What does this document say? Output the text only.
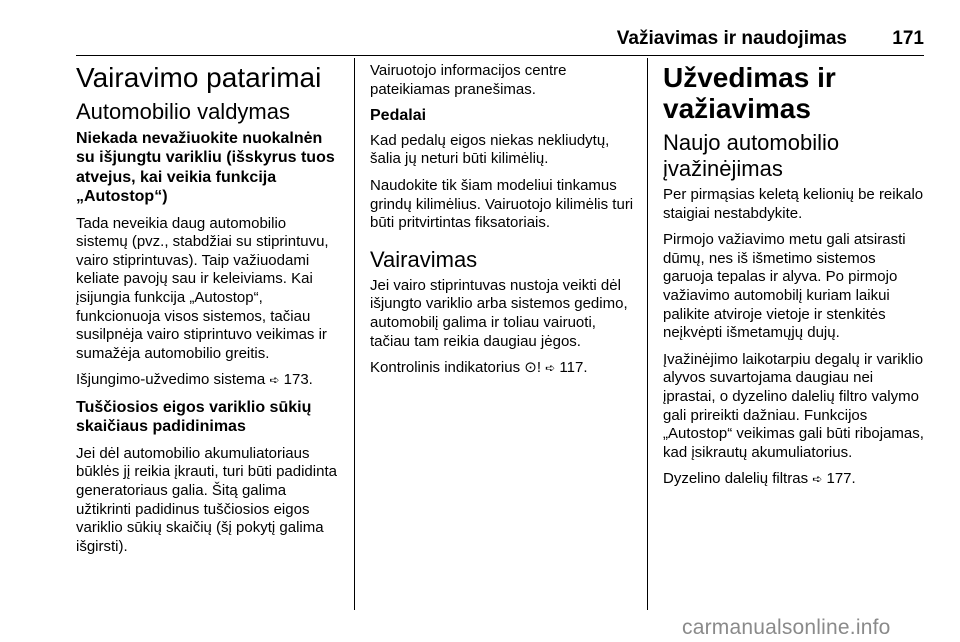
Važiavimas ir naudojimas 171
Vairavimo patarimai
Automobilio valdymas
Niekada nevažiuokite nuokalnėn su išjungtu varikliu (išskyrus tuos atvejus, kai veikia funkcija „Autostop“)

Tada neveikia daug automobilio sistemų (pvz., stabdžiai su stiprintuvu, vairo stiprintuvas). Taip važiuodami keliate pavojų sau ir keleiviams. Kai įsijungia funkcija „Autostop“, funkcionuoja visos sistemos, tačiau susilpnėja vairo stiprintuvo veikimas ir sumažėja automobilio greitis.

Išjungimo-užvedimo sistema ➪ 173.

Tuščiosios eigos variklio sūkių skaičiaus padidinimas

Jei dėl automobilio akumuliatoriaus būklės jį reikia įkrauti, turi būti padidinta generatoriaus galia. Šitą galima užtikrinti padidinus tuščiosios eigos variklio sūkių skaičių (šį pokytį galima išgirsti).

Vairuotojo informacijos centre pateikiamas pranešimas.

Pedalai

Kad pedalų eigos niekas nekliudytų, šalia jų neturi būti kilimėlių.

Naudokite tik šiam modeliui tinkamus grindų kilimėlius. Vairuotojo kilimėlis turi būti pritvirtintas fiksatoriais.

Vairavimas

Jei vairo stiprintuvas nustoja veikti dėl išjungto variklio arba sistemos gedimo, automobilį galima ir toliau vairuoti, tačiau tam reikia daugiau jėgos.

Kontrolinis indikatorius ⊙! ➪ 117.

Užvedimas ir važiavimas
Naujo automobilio įvažinėjimas

Per pirmąsias keletą kelionių be reikalo staigiai nestabdykite.

Pirmojo važiavimo metu gali atsirasti dūmų, nes iš išmetimo sistemos garuoja tepalas ir alyva. Po pirmojo važiavimo automobilį kuriam laikui palikite atviroje vietoje ir stenkitės neįkvėpti išmetamųjų dujų.

Įvažinėjimo laikotarpiu degalų ir variklio alyvos suvartojama daugiau nei įprastai, o dyzelino dalelių filtro valymo gali prireikti dažniau. Funkcijos „Autostop“ veikimas gali būti ribojamas, kad įsikrautų akumuliatorius.

Dyzelino dalelių filtras ➪ 177.

carmanualsonline.info
